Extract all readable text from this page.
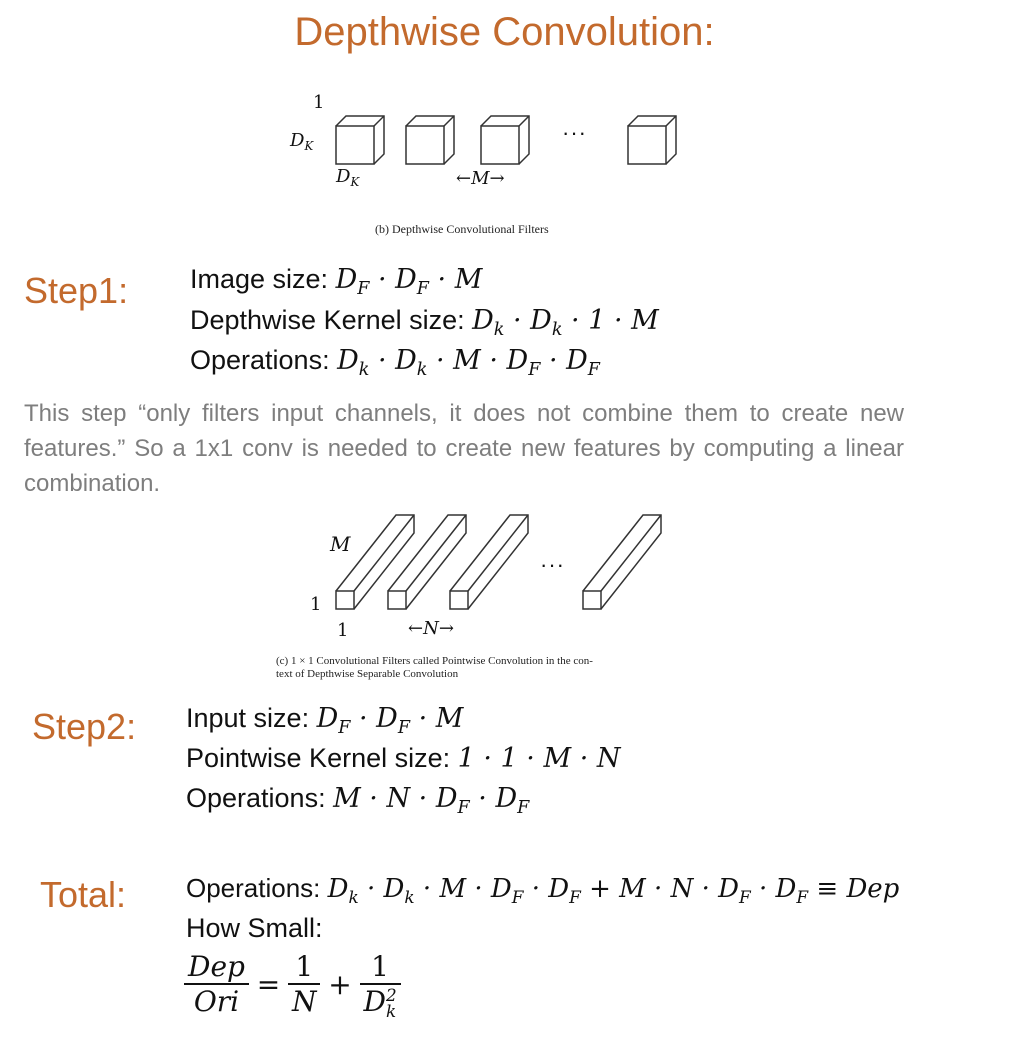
Depthwise Convolution:
1
$D_K$
$D_K$
···
←M→
(b) Depthwise Convolutional Filters
Step1: Image size: $D_F \cdot D_F \cdot M$
Depthwise Kernel size: $D_k \cdot D_k \cdot 1 \cdot M$
Operations: $D_k \cdot D_k \cdot M \cdot D_F \cdot D_F$
This step “only filters input channels, it does not combine them to create new features.” So a 1x1 conv is needed to create new features by computing a linear combination.
M
1
1
···
←N→
(c) 1 × 1 Convolutional Filters called Pointwise Convolution in the con-
text of Depthwise Separable Convolution
Step2: Input size: $D_F \cdot D_F \cdot M$
Pointwise Kernel size: 1 · 1 · M · N
Operations: $M \cdot N \cdot D_F \cdot D_F$
Total: Operations: $D_k \cdot D_k \cdot M \cdot D_F \cdot D_F + M \cdot N \cdot D_F \cdot D_F$ ≡ Dep
How Small:
$\frac{\text{Dep}}{\text{Ori}} = \frac{1}{N} + 1$
D 2
k
